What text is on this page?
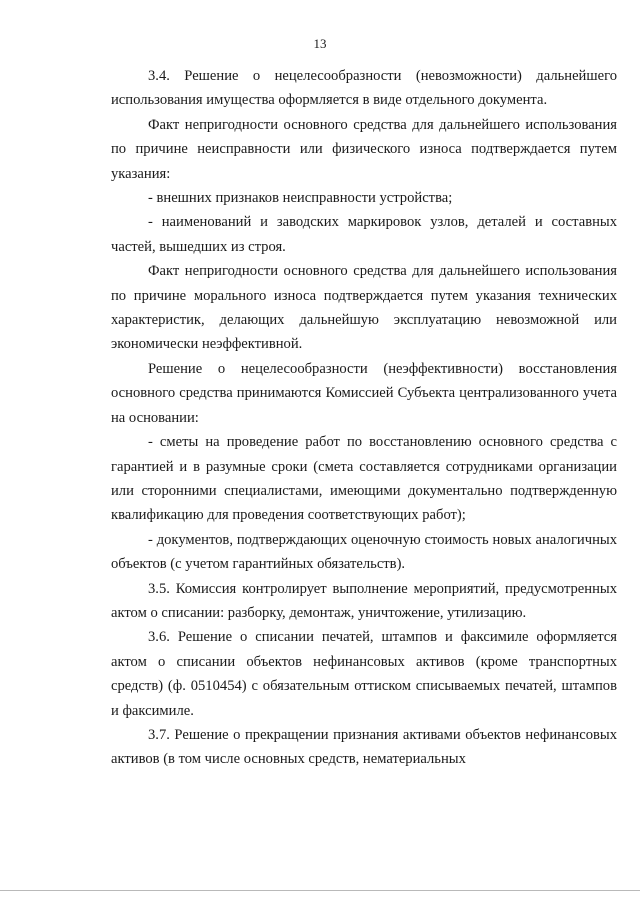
13

3.4. Решение о нецелесообразности (невозможности) дальнейшего использования имущества оформляется в виде отдельного документа.

Факт непригодности основного средства для дальнейшего использования по причине неисправности или физического износа подтверждается путем указания:

- внешних признаков неисправности устройства;

- наименований и заводских маркировок узлов, деталей и составных частей, вышедших из строя.

Факт непригодности основного средства для дальнейшего использования по причине морального износа подтверждается путем указания технических характеристик, делающих дальнейшую эксплуатацию невозможной или экономически неэффективной.

Решение о нецелесообразности (неэффективности) восстановления основного средства принимаются Комиссией Субъекта централизованного учета на основании:

- сметы на проведение работ по восстановлению основного средства с гарантией и в разумные сроки (смета составляется сотрудниками организации или сторонними специалистами, имеющими документально подтвержденную квалификацию для проведения соответствующих работ);

- документов, подтверждающих оценочную стоимость новых аналогичных объектов (с учетом гарантийных обязательств).

3.5. Комиссия контролирует выполнение мероприятий, предусмотренных актом о списании: разборку, демонтаж, уничтожение, утилизацию.

3.6. Решение о списании печатей, штампов и факсимиле оформляется актом о списании объектов нефинансовых активов (кроме транспортных средств) (ф. 0510454) с обязательным оттиском списываемых печатей, штампов и факсимиле.

3.7. Решение о прекращении признания активами объектов нефинансовых активов (в том числе основных средств, нематериальных
